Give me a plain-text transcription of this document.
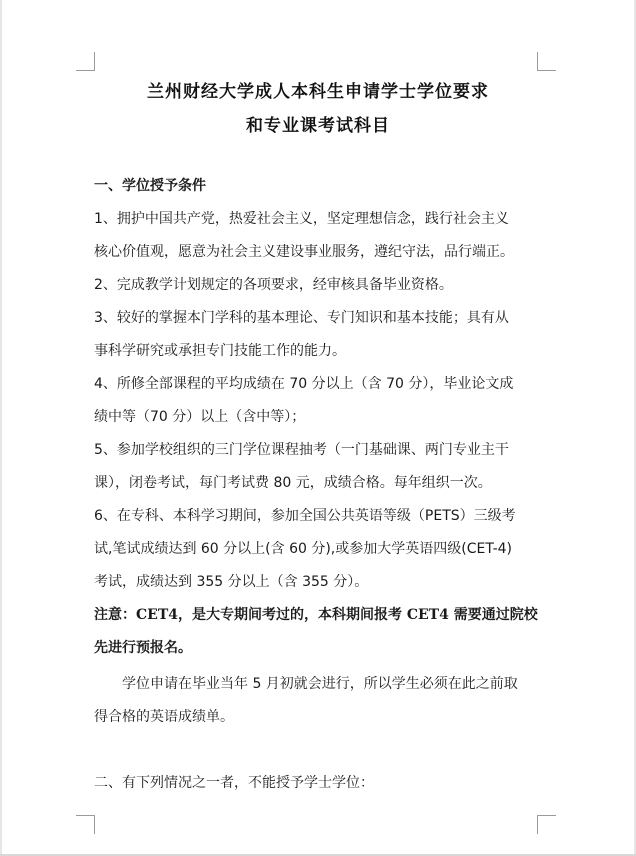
兰州财经大学成人本科生申请学士学位要求
和专业课考试科目
一、学位授予条件
1、拥护中国共产党，热爱社会主义，坚定理想信念，践行社会主义
核心价值观，愿意为社会主义建设事业服务，遵纪守法，品行端正。
2、完成教学计划规定的各项要求，经审核具备毕业资格。
3、较好的掌握本门学科的基本理论、专门知识和基本技能；具有从
事科学研究或承担专门技能工作的能力。
4、所修全部课程的平均成绩在 70 分以上（含 70 分），毕业论文成
绩中等（70 分）以上（含中等）；
5、参加学校组织的三门学位课程抽考（一门基础课、两门专业主干
课），闭卷考试，每门考试费 80 元，成绩合格。每年组织一次。
6、在专科、本科学习期间，参加全国公共英语等级（PETS）三级考
试,笔试成绩达到 60 分以上(含 60 分),或参加大学英语四级(CET-4)
考试，成绩达到 355 分以上（含 355 分）。
注意：CET4，是大专期间考过的，本科期间报考 CET4 需要通过院校
先进行预报名。
　　学位申请在毕业当年 5 月初就会进行，所以学生必须在此之前取
得合格的英语成绩单。
二、有下列情况之一者，不能授予学士学位：
